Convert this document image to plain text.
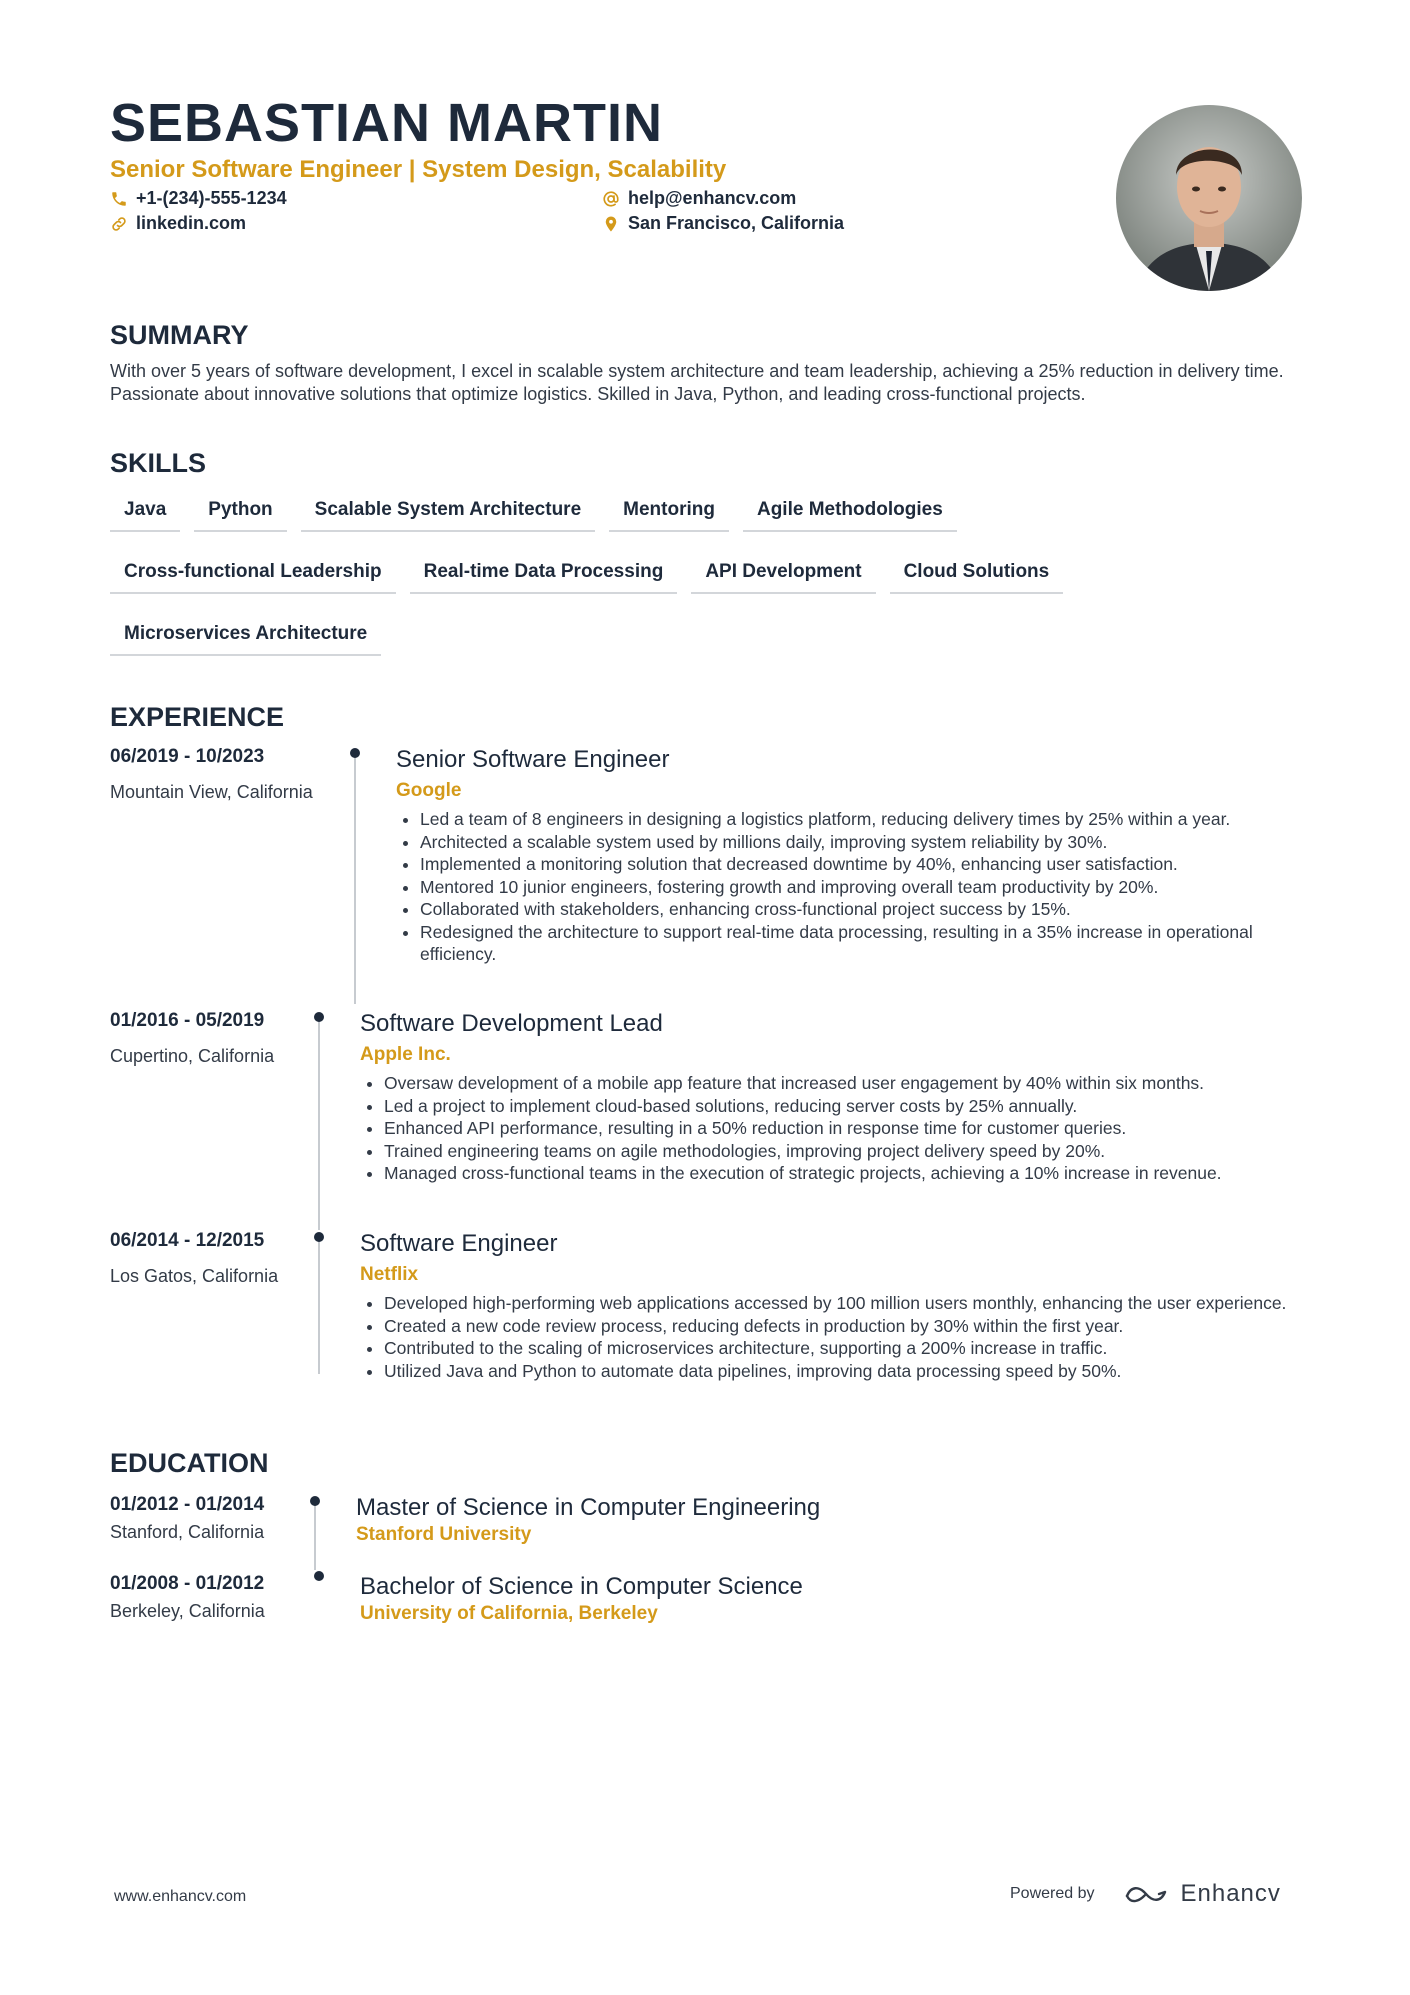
SEBASTIAN MARTIN
Senior Software Engineer | System Design, Scalability
+1-(234)-555-1234
linkedin.com
help@enhancv.com
San Francisco, California
SUMMARY
With over 5 years of software development, I excel in scalable system architecture and team leadership, achieving a 25% reduction in delivery time. Passionate about innovative solutions that optimize logistics. Skilled in Java, Python, and leading cross-functional projects.
SKILLS
Java	Python	Scalable System Architecture	Mentoring	Agile Methodologies
Cross-functional Leadership	Real-time Data Processing	API Development	Cloud Solutions
Microservices Architecture
EXPERIENCE
06/2019 - 10/2023
Mountain View, California
Senior Software Engineer
Google
• Led a team of 8 engineers in designing a logistics platform, reducing delivery times by 25% within a year.
• Architected a scalable system used by millions daily, improving system reliability by 30%.
• Implemented a monitoring solution that decreased downtime by 40%, enhancing user satisfaction.
• Mentored 10 junior engineers, fostering growth and improving overall team productivity by 20%.
• Collaborated with stakeholders, enhancing cross-functional project success by 15%.
• Redesigned the architecture to support real-time data processing, resulting in a 35% increase in operational efficiency.
01/2016 - 05/2019
Cupertino, California
Software Development Lead
Apple Inc.
• Oversaw development of a mobile app feature that increased user engagement by 40% within six months.
• Led a project to implement cloud-based solutions, reducing server costs by 25% annually.
• Enhanced API performance, resulting in a 50% reduction in response time for customer queries.
• Trained engineering teams on agile methodologies, improving project delivery speed by 20%.
• Managed cross-functional teams in the execution of strategic projects, achieving a 10% increase in revenue.
06/2014 - 12/2015
Los Gatos, California
Software Engineer
Netflix
• Developed high-performing web applications accessed by 100 million users monthly, enhancing the user experience.
• Created a new code review process, reducing defects in production by 30% within the first year.
• Contributed to the scaling of microservices architecture, supporting a 200% increase in traffic.
• Utilized Java and Python to automate data pipelines, improving data processing speed by 50%.
EDUCATION
01/2012 - 01/2014
Stanford, California
Master of Science in Computer Engineering
Stanford University
01/2008 - 01/2012
Berkeley, California
Bachelor of Science in Computer Science
University of California, Berkeley
www.enhancv.com	Powered by	Enhancv
